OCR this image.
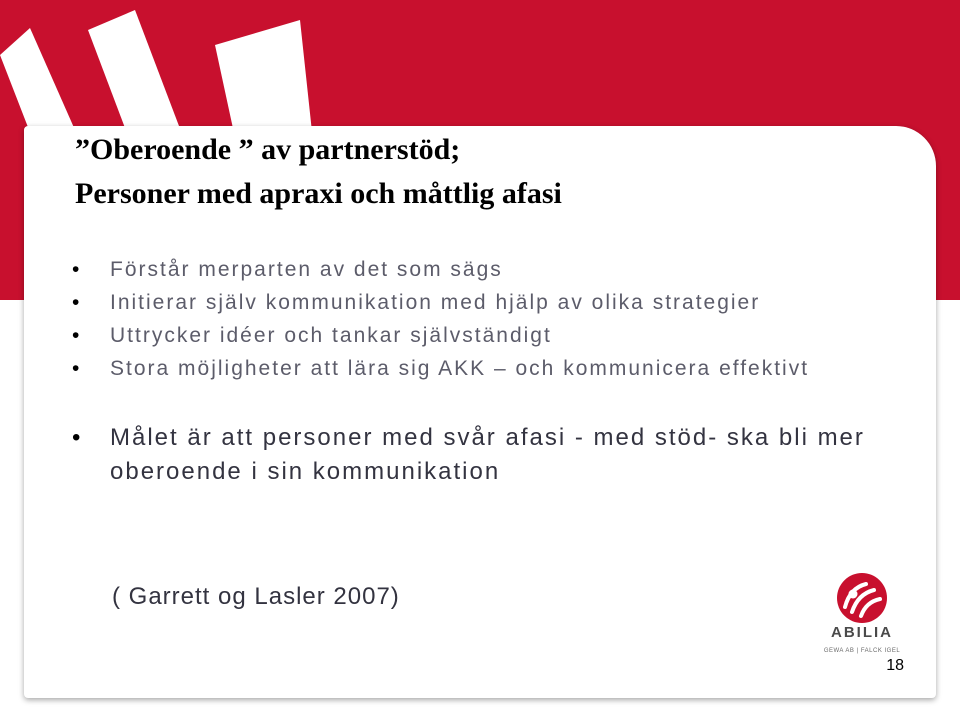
”Oberoende ” av partnerstöd;
Personer med apraxi och måttlig afasi
• Förstår merparten av det som sägs
• Initierar själv kommunikation med hjälp av olika strategier
• Uttrycker idéer och tankar självständigt
• Stora möjligheter att lära sig AKK – och kommunicera effektivt
• Målet är att personer med svår afasi - med stöd- ska bli mer oberoende i sin kommunikation

( Garrett og Lasler 2007)

ABILIA
GEWA AB | FALCK IGEL
18
